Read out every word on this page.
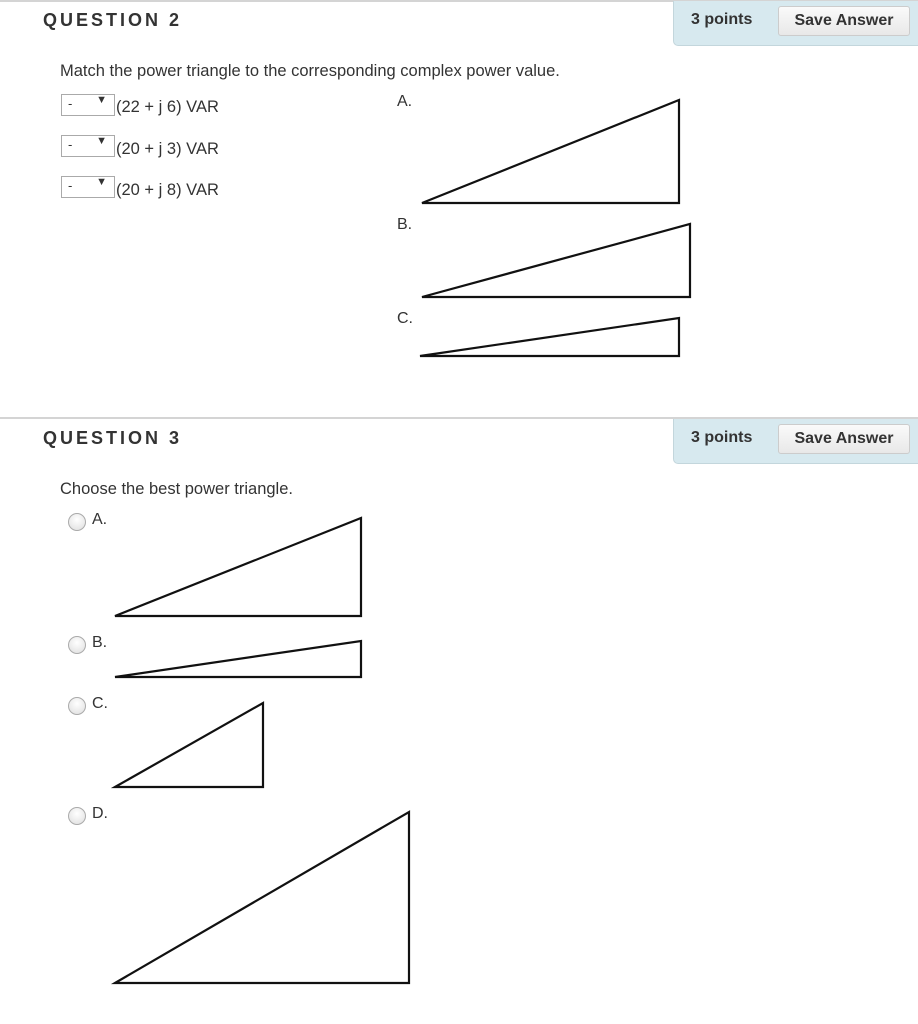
QUESTION 2	3 points	Save Answer
Match the power triangle to the corresponding complex power value.
- ▼ (22 + j 6) VAR
- ▼ (20 + j 3) VAR
- ▼ (20 + j 8) VAR
A.
B.
C.
QUESTION 3	3 points	Save Answer
Choose the best power triangle.
A.
B.
C.
D.
